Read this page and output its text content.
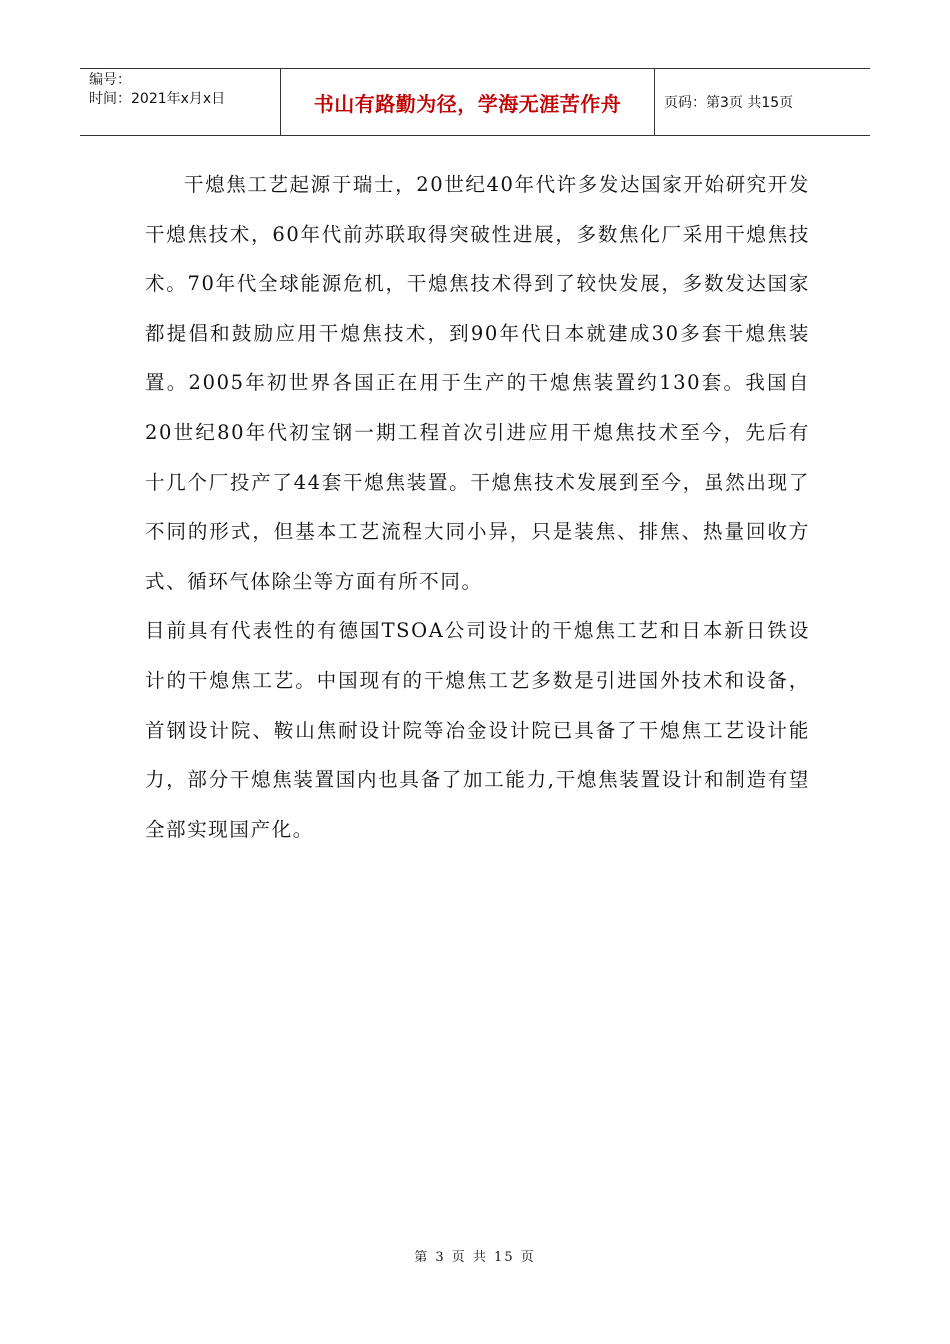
编号：
时间：2021年x月x日	书山有路勤为径，学海无涯苦作舟	页码：第3页 共15页

干熄焦工艺起源于瑞士，20世纪40年代许多发达国家开始研究开发干熄焦技术，60年代前苏联取得突破性进展，多数焦化厂采用干熄焦技术。70年代全球能源危机，干熄焦技术得到了较快发展，多数发达国家都提倡和鼓励应用干熄焦技术，到90年代日本就建成30多套干熄焦装置。2005年初世界各国正在用于生产的干熄焦装置约130套。我国自20世纪80年代初宝钢一期工程首次引进应用干熄焦技术至今，先后有十几个厂投产了44套干熄焦装置。干熄焦技术发展到至今，虽然出现了不同的形式，但基本工艺流程大同小异，只是装焦、排焦、热量回收方式、循环气体除尘等方面有所不同。

目前具有代表性的有德国TSOA公司设计的干熄焦工艺和日本新日铁设计的干熄焦工艺。中国现有的干熄焦工艺多数是引进国外技术和设备，首钢设计院、鞍山焦耐设计院等冶金设计院已具备了干熄焦工艺设计能力，部分干熄焦装置国内也具备了加工能力,干熄焦装置设计和制造有望全部实现国产化。

第 3 页 共 15 页
